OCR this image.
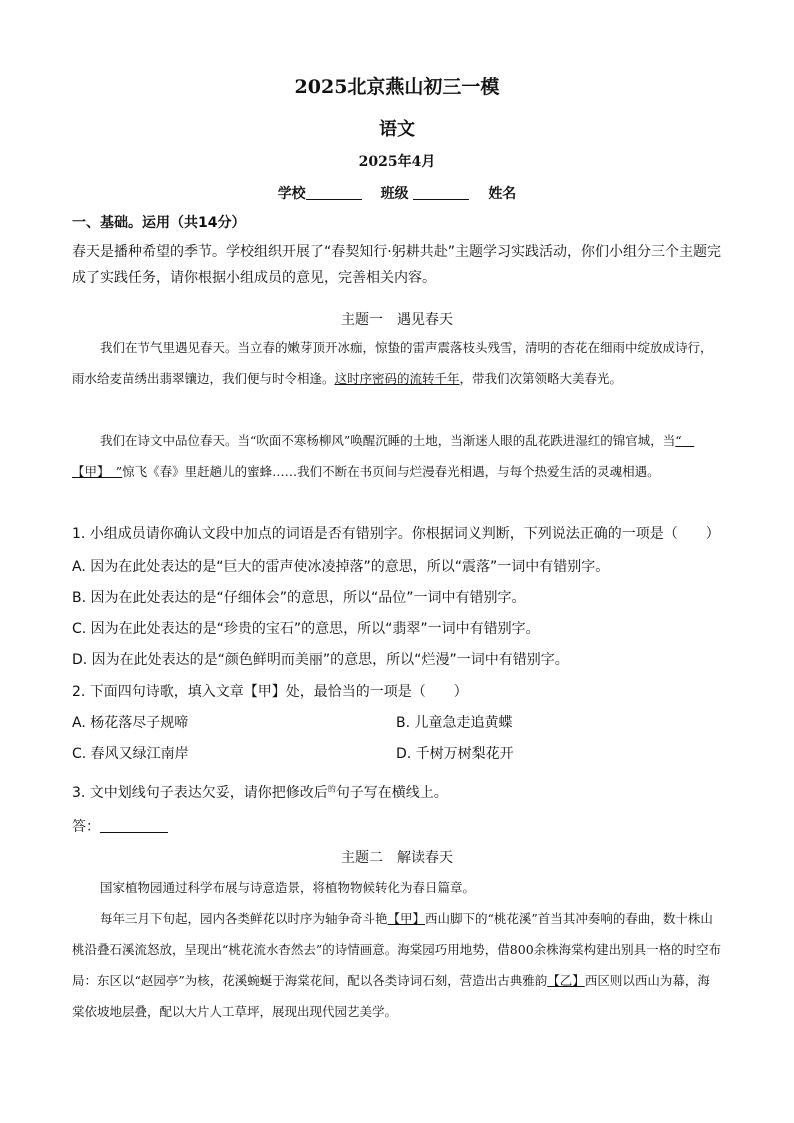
2025北京燕山初三一模
语文
2025年4月
学校	班级	姓名
一、基础。运用（共14分）
春天是播种希望的季节。学校组织开展了“春契知行·躬耕共赴”主题学习实践活动，你们小组分三个主题完成了实践任务，请你根据小组成员的意见，完善相关内容。
主题一　遇见春天
我们在节气里遇见春天。当立春的嫩芽顶开冰痂，惊蛰的雷声震落枝头残雪，清明的杏花在细雨中绽放成诗行，雨水给麦苗绣出翡翠镶边，我们便与时令相逢。这时序密码的流转千年，带我们次第领略大美春光。
我们在诗文中品位春天。当“吹面不寒杨柳风”唤醒沉睡的土地，当渐迷人眼的乱花跌进湿红的锦官城，当“　【甲】　”惊飞《春》里赶趟儿的蜜蜂……我们不断在书页间与烂漫春光相遇，与每个热爱生活的灵魂相遇。
1. 小组成员请你确认文段中加点的词语是否有错别字。你根据词义判断，下列说法正确的一项是（　　）
A. 因为在此处表达的是“巨大的雷声使冰凌掉落”的意思，所以“震落”一词中有错别字。
B. 因为在此处表达的是“仔细体会”的意思，所以“品位”一词中有错别字。
C. 因为在此处表达的是“珍贵的宝石”的意思，所以“翡翠”一词中有错别字。
D. 因为在此处表达的是“颜色鲜明而美丽”的意思，所以“烂漫”一词中有错别字。
2. 下面四句诗歌，填入文章【甲】处，最恰当的一项是（　　）
A. 杨花落尽子规啼	B. 儿童急走追黄蝶
C. 春风又绿江南岸	D. 千树万树梨花开
3. 文中划线句子表达欠妥，请你把修改后$^的$句子写在横线上。
答：
主题二　解读春天
国家植物园通过科学布展与诗意造景，将植物物候转化为春日篇章。
每年三月下旬起，园内各类鲜花以时序为轴争奇斗艳【甲】西山脚下的“桃花溪”首当其冲奏响的春曲，数十株山桃沿叠石溪流怒放，呈现出“桃花流水杳然去”的诗情画意。海棠园巧用地势，借800余株海棠构建出别具一格的时空布局：东区以“赵园亭”为核，花溪蜿蜒于海棠花间，配以各类诗词石刻，营造出古典雅韵【乙】西区则以西山为幕，海棠依坡地层叠，配以大片人工草坪，展现出现代园艺美学。
